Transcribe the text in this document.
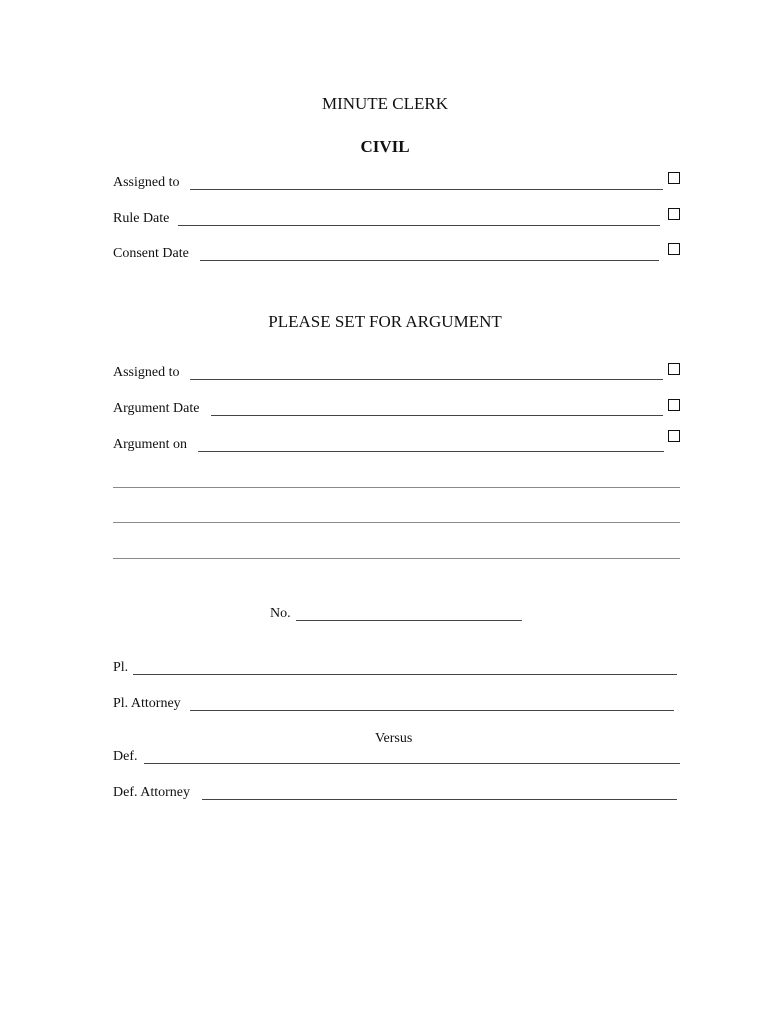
MINUTE CLERK
CIVIL
Assigned to
Rule Date
Consent Date
PLEASE SET FOR ARGUMENT
Assigned to
Argument Date
Argument on
No.
Pl.
Pl. Attorney
Versus
Def.
Def. Attorney
